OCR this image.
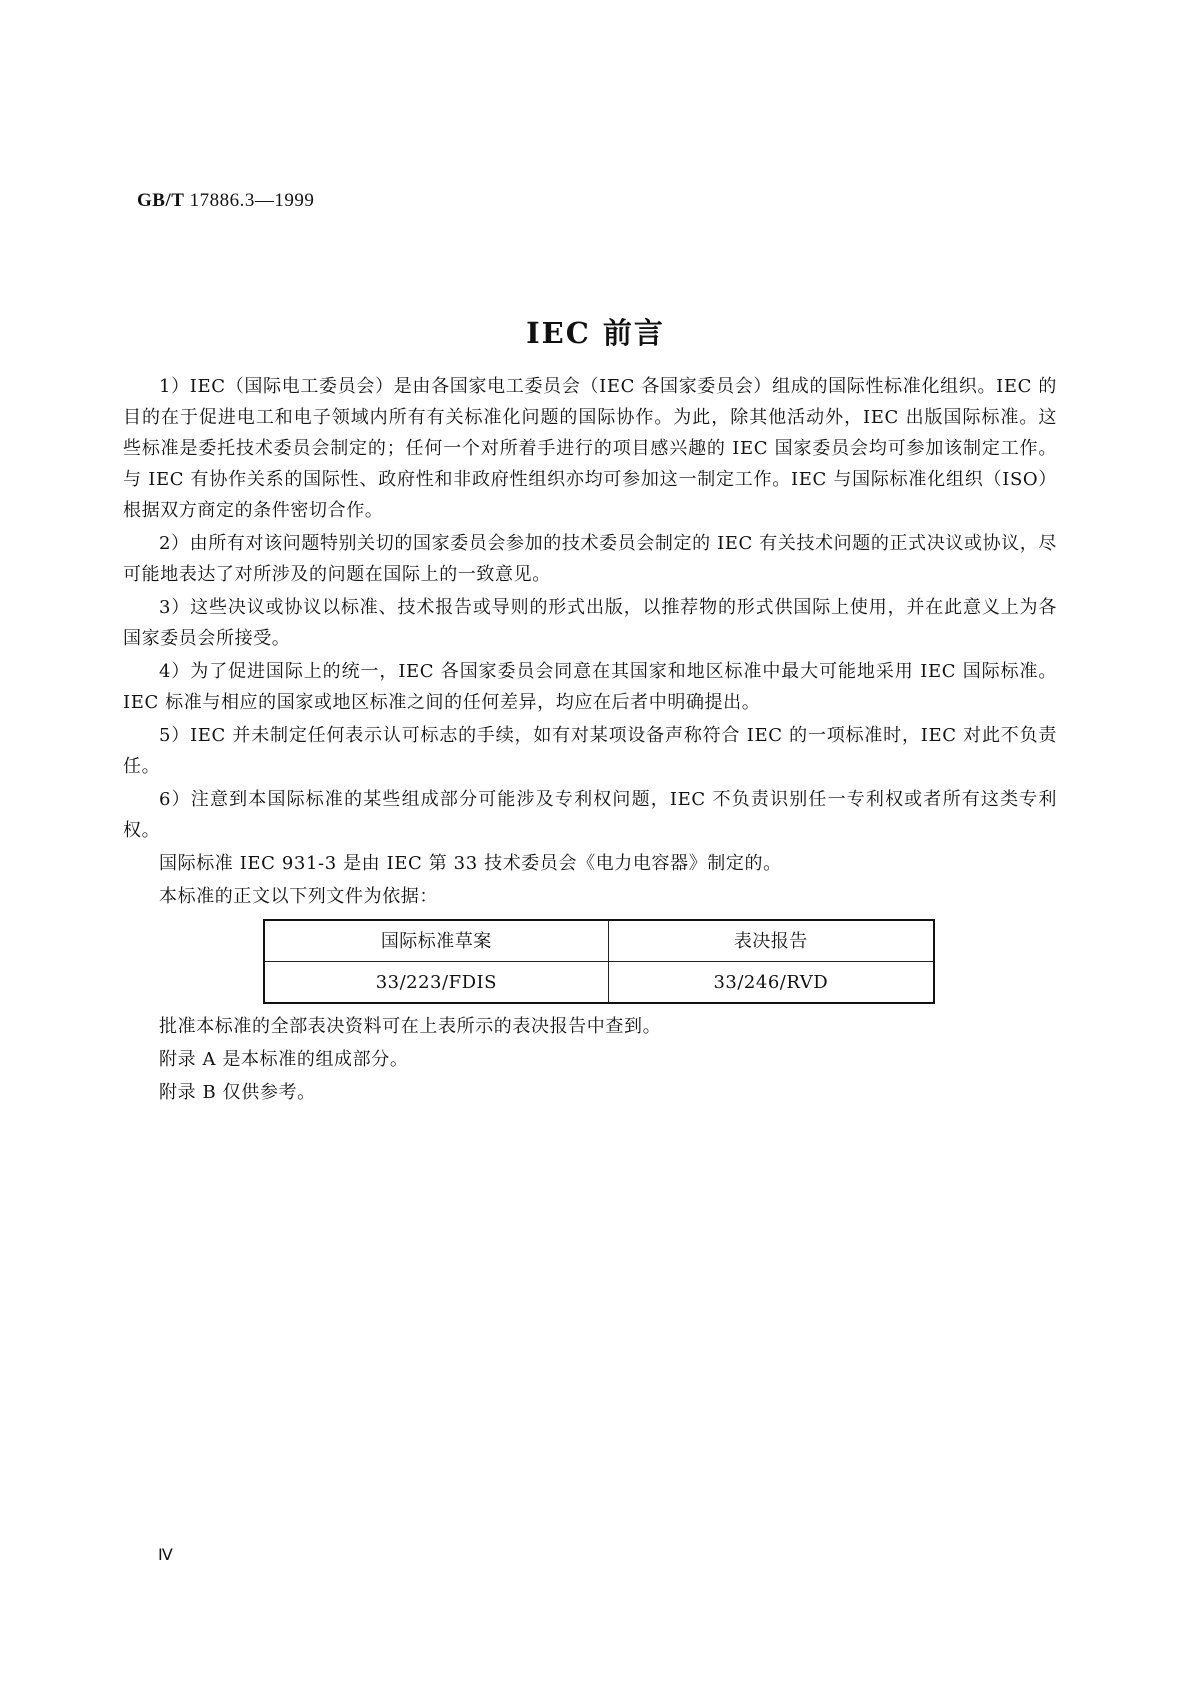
GB/T 17886.3—1999
IEC 前言

1）IEC（国际电工委员会）是由各国家电工委员会（IEC 各国家委员会）组成的国际性标准化组织。IEC 的目的在于促进电工和电子领域内所有有关标准化问题的国际协作。为此，除其他活动外，IEC 出版国际标准。这些标准是委托技术委员会制定的；任何一个对所着手进行的项目感兴趣的 IEC 国家委员会均可参加该制定工作。与 IEC 有协作关系的国际性、政府性和非政府性组织亦均可参加这一制定工作。IEC 与国际标准化组织（ISO）根据双方商定的条件密切合作。

2）由所有对该问题特别关切的国家委员会参加的技术委员会制定的 IEC 有关技术问题的正式决议或协议，尽可能地表达了对所涉及的问题在国际上的一致意见。

3）这些决议或协议以标准、技术报告或导则的形式出版，以推荐物的形式供国际上使用，并在此意义上为各国家委员会所接受。

4）为了促进国际上的统一，IEC 各国家委员会同意在其国家和地区标准中最大可能地采用 IEC 国际标准。IEC 标准与相应的国家或地区标准之间的任何差异，均应在后者中明确提出。

5）IEC 并未制定任何表示认可标志的手续，如有对某项设备声称符合 IEC 的一项标准时，IEC 对此不负责任。

6）注意到本国际标准的某些组成部分可能涉及专利权问题，IEC 不负责识别任一专利权或者所有这类专利权。

国际标准 IEC 931-3 是由 IEC 第 33 技术委员会《电力电容器》制定的。

本标准的正文以下列文件为依据：

国际标准草案	表决报告
33/223/FDIS	33/246/RVD

批准本标准的全部表决资料可在上表所示的表决报告中查到。

附录 A 是本标准的组成部分。

附录 B 仅供参考。

Ⅳ
